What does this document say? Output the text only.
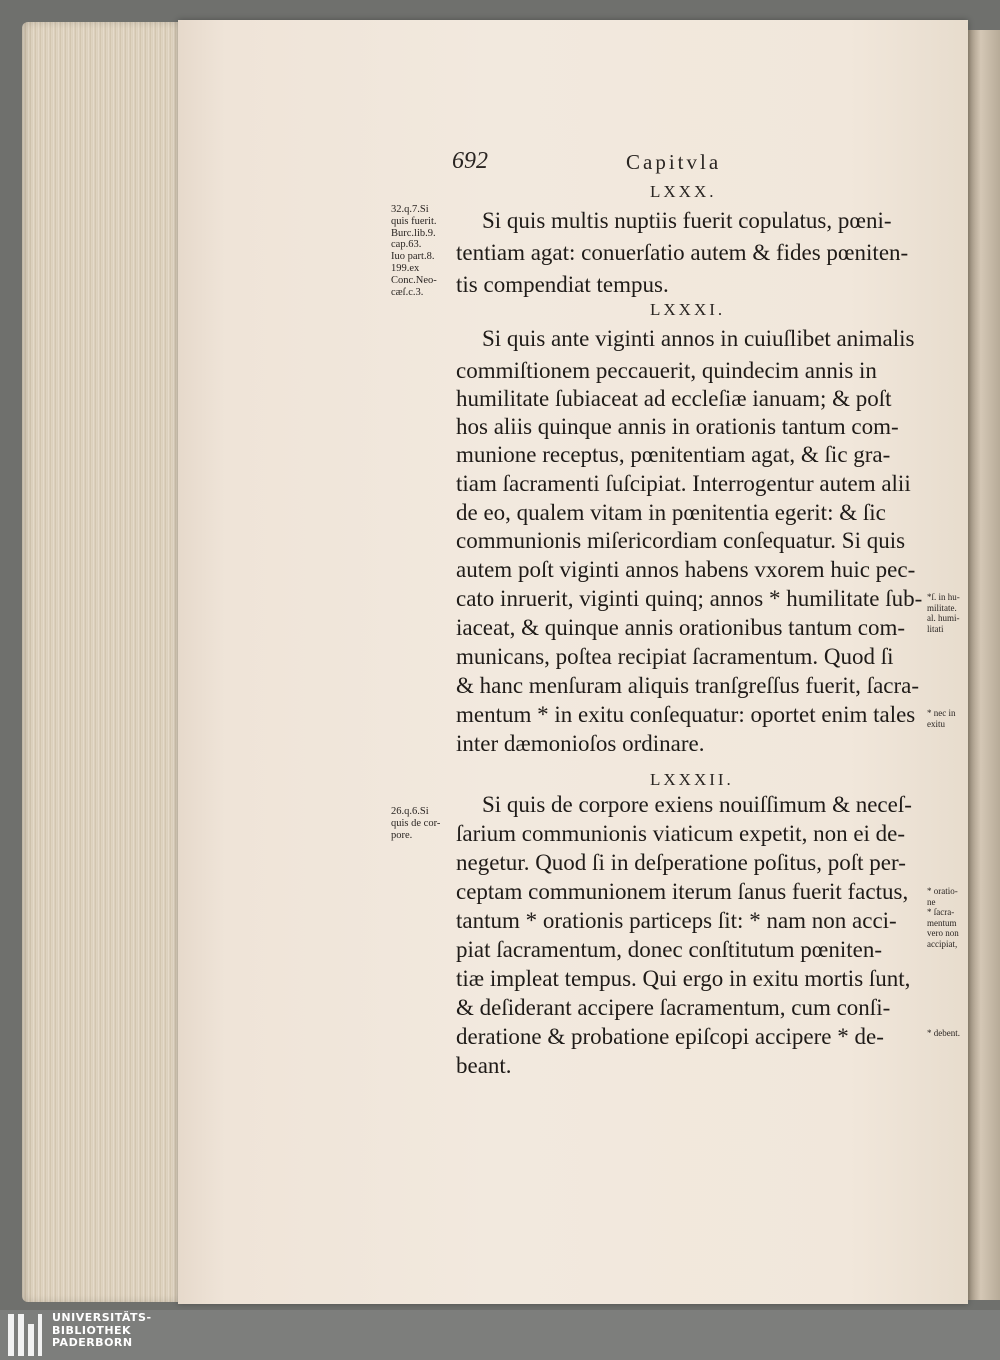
692	Capitvla
LXXX.
Si quis multis nuptiis fuerit copulatus, pœni-
tentiam agat: conuerſatio autem & fides pœniten-
tis compendiat tempus.
LXXXI.
Si quis ante viginti annos in cuiuſlibet animalis
commiſtionem peccauerit, quindecim annis in
humilitate ſubiaceat ad eccleſiæ ianuam; & poſt
hos aliis quinque annis in orationis tantum com-
munione receptus, pœnitentiam agat, & ſic gra-
tiam ſacramenti ſuſcipiat. Interrogentur autem alii
de eo, qualem vitam in pœnitentia egerit: & ſic
communionis miſericordiam conſequatur. Si quis
autem poſt viginti annos habens vxorem huic pec-
cato inruerit, viginti quinq; annos * humilitate ſub-
iaceat, & quinque annis orationibus tantum com-
municans, poſtea recipiat ſacramentum. Quod ſi
& hanc menſuram aliquis tranſgreſſus fuerit, ſacra-
mentum * in exitu conſequatur: oportet enim tales
inter dæmonioſos ordinare.
LXXXII.
Si quis de corpore exiens nouiſſimum & neceſ-
ſarium communionis viaticum expetit, non ei de-
negetur. Quod ſi in deſperatione poſitus, poſt per-
ceptam communionem iterum ſanus fuerit factus,
tantum * orationis particeps ſit: * nam non acci-
piat ſacramentum, donec conſtitutum pœniten-
tiæ impleat tempus. Qui ergo in exitu mortis ſunt,
& deſiderant accipere ſacramentum, cum conſi-
deratione & probatione epiſcopi accipere * de-
beant.
32.q.7.Si
quis fuerit.
Burc.lib.9.
cap.63.
Iuo part.8.
199.ex
Conc.Neo-
cæſ.c.3.
26.q.6.Si
quis de cor-
pore.
*ſ. in hu-
militate.
al. humi-
litati
* nec in
exitu
* oratio-
ne
* ſacra-
mentum
vero non
accipiat,
* debent.
UNIVERSITÄTS-
BIBLIOTHEK
PADERBORN
